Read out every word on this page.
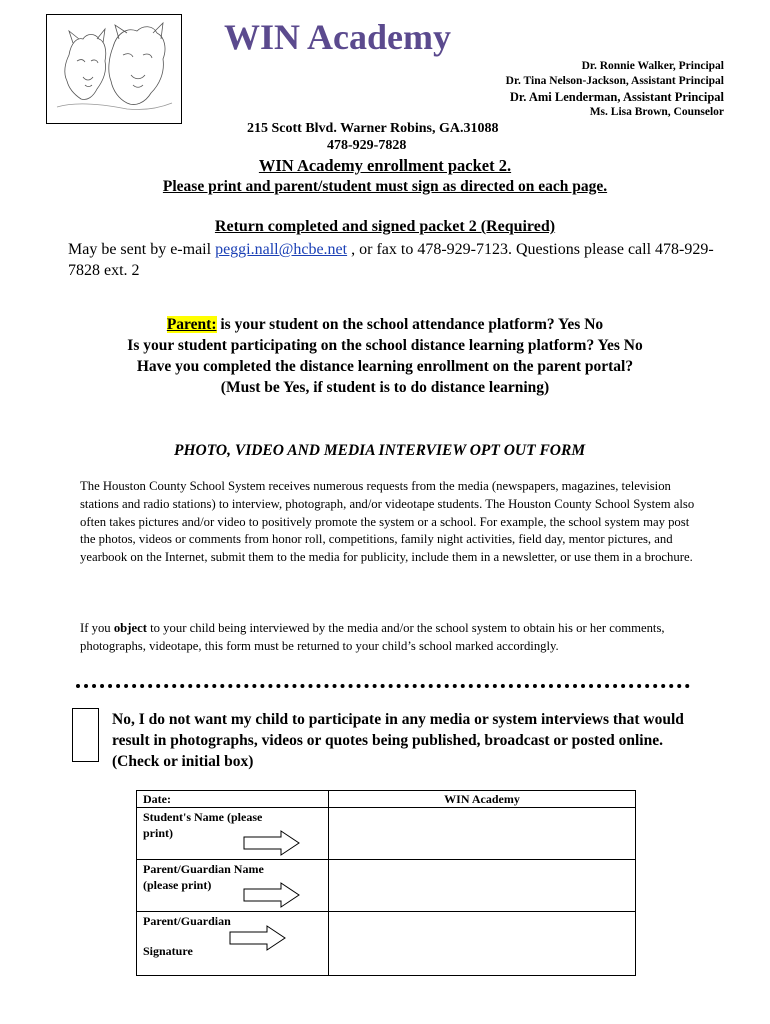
WIN Academy
Dr. Ronnie Walker, Principal
Dr. Tina Nelson-Jackson, Assistant Principal
Dr. Ami Lenderman, Assistant Principal
Ms. Lisa Brown, Counselor
215 Scott Blvd. Warner Robins, GA.31088
478-929-7828
WIN Academy enrollment packet 2.
Please print and parent/student must sign as directed on each page.
Return completed and signed packet 2 (Required)
May be sent by e-mail peggi.nall@hcbe.net , or fax to 478-929-7123. Questions please call 478-929-7828 ext. 2
Parent: is your student on the school attendance platform? Yes No
Is your student participating on the school distance learning platform? Yes No
Have you completed the distance learning enrollment on the parent portal?
(Must be Yes, if student is to do distance learning)
PHOTO, VIDEO AND MEDIA INTERVIEW OPT OUT FORM
The Houston County School System receives numerous requests from the media (newspapers, magazines, television stations and radio stations) to interview, photograph, and/or videotape students. The Houston County School System also often takes pictures and/or video to positively promote the system or a school. For example, the school system may post the photos, videos or comments from honor roll, competitions, family night activities, field day, mentor pictures, and yearbook on the Internet, submit them to the media for publicity, include them in a newsletter, or use them in a brochure.
If you object to your child being interviewed by the media and/or the school system to obtain his or her comments, photographs, videotape, this form must be returned to your child’s school marked accordingly.
No, I do not want my child to participate in any media or system interviews that would result in photographs, videos or quotes being published, broadcast or posted online. (Check or initial box)
Date:	WIN Academy

Student's Name (please print)	

Parent/Guardian Name (please print)	

Parent/Guardian
Signature	
